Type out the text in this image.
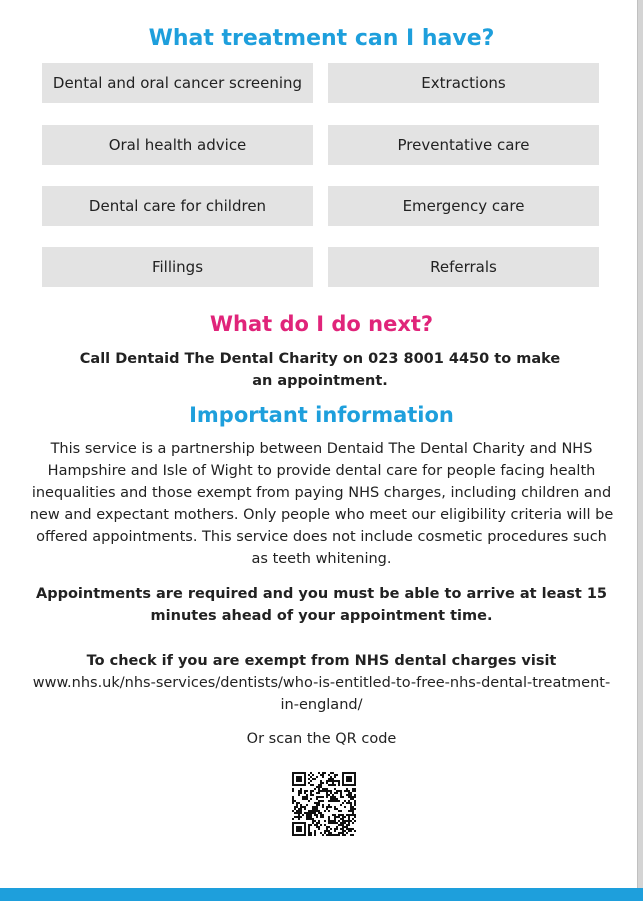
What treatment can I have?
Dental and oral cancer screening	Extractions
Oral health advice	Preventative care
Dental care for children	Emergency care
Fillings	Referrals
What do I do next?

Call Dentaid The Dental Charity on 023 8001 4450 to make an appointment.

Important information

This service is a partnership between Dentaid The Dental Charity and NHS Hampshire and Isle of Wight to provide dental care for people facing health inequalities and those exempt from paying NHS charges, including children and new and expectant mothers. Only people who meet our eligibility criteria will be offered appointments. This service does not include cosmetic procedures such as teeth whitening.

Appointments are required and you must be able to arrive at least 15 minutes ahead of your appointment time.

To check if you are exempt from NHS dental charges visit

www.nhs.uk/nhs-services/dentists/who-is-entitled-to-free-nhs-dental-treatment-in-england/

Or scan the QR code
